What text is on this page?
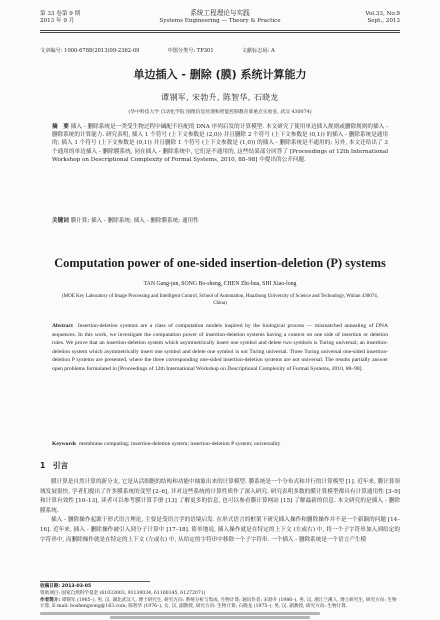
第 33 卷第 9 期	系统工程理论与实践	Vol.33, No.9
2013 年 9 月	Systems Engineering — Theory & Practice	Sept., 2013
文章编号: 1000-6788(2013)09-2362-09	中图分类号: TP301	文献标志码: A
单边插入 - 删除 (膜) 系统计算能力
谭钢军, 宋勃升, 陈智华, 石晓龙
(华中科技大学 自动化学院 图像信息处理和智能控制教育部重点实验室, 武汉 430074)
摘　要 插入 - 删除系统是一类受生物过程中碱配不匹配的 DNA 序列启发的计算模型. 本文研究了使用单边插入规则或删除规则的插入 - 删除系统的计算能力. 研究表明, 插入 1 个符号 (上下文参数是 (2,0)) 并且删除 2 个符号 (上下文参数是 (0,1)) 的插入 - 删除系统是通用的; 插入 1 个符号 (上下文参数是 (0,1)) 并且删除 1 个符号 (上下文参数是 (1,0)) 的插入 - 删除系统是不通用的; 另外, 本文还给出了 3 个通用的单边插入 - 删除膜系统, 同在插入 - 删除系统中, 它们是不通用的, 这些结果部分回答了 [Proceedings of 12th International Workshop on Descriptional Complexity of Formal Systems, 2010, 88–98] 中提出的公开问题.
关键词 膜计算; 插入 - 删除系统; 插入 - 删除膜系统; 通用性
Computation power of one-sided insertion-deletion (P) systems
TAN Gang-jun, SONG Bo-sheng, CHEN Zhi-hua, SHI Xiao-long
(MOE Key Laboratory of Image Processing and Intelligent Control, School of Automation, Huazhong University of Science and Technology, Wuhan 430074, China)
Abstract Insertion-deletion systems are a class of computation models inspired by the biological process — mismatched annealing of DNA sequences. In this work, we investigate the computation power of insertion-deletion systems having a context on one side of insertion or deletion rules. We prove that an insertion-deletion system which asymmetrically insert one symbol and delete two symbols is Turing universal; an insertion-deletion system which asymmetrically insert one symbol and delete one symbol is not Turing universal. Three Turing universal one-sided insertion-deletion P systems are presented, where the three corresponding one-sided insertion-deletion systems are not universal. The results partially answer open problems formulated in [Proceedings of 12th International Workshop on Descriptional Complexity of Formal Systems, 2010, 88–98].
Keywords membrane computing; insertion-deletion system; insertion-deletion P system; universality
1　引言

膜计算是自然计算的新分支, 它是从活细胞的结构和功能中抽象出来的计算模型. 膜系统是一个分布式和并行的计算模型 [1]. 近年来, 膜计算领域发展很快, 学者们提出了许多膜系统的变型 [2–6], 并对这些系统的计算性质作了深入研究. 研究表明多数的膜计算模型都具有计算通用性 [3–9] 和计算有效性 [10–13]. 读者可以参考膜计算手册 [13] 了解更多的信息, 也可以参看膜计算网站 [15] 了解最新的信息. 本文研究的是插入 - 删除膜系统.

插入 - 删除操作起源于形式语言理论, 主要是受语言学的语境启发. 在形式语言的框架下研究插入操作和删除操作并不是一个新颖的问题 [14–16]. 近年来, 插入 - 删除操作被引入到分子计算中 [17–18]. 简单地说, 插入操作就是在特定的上下文 (左或右) 中, 将一个子字符串加入到给定的字符串中, 而删除操作就是在特定的上下文 (左或右) 中, 从给定的字符串中移除一个子字符串. 一个插入 - 删除系统是一个语言产生模

收稿日期: 2013-03-05
资助项目: 国家自然科学基金 (61033003, 91130034, 61100145, 61272071)
作者简介: 谭钢军 (1965–), 男, 汉, 湖北武汉人, 博士研究生, 研究方向: 系统分析与集成, 生物计算; 通讯作者: 宋勃升 (1986–), 男, 汉, 浙江兰溪人, 博士研究生, 研究方向: 生物计算, E-mail: boshengsong@163.com; 陈智华 (1976–), 女, 汉, 副教授, 研究方向: 生物计算; 石晓龙 (1975–), 男, 汉, 副教授, 研究方向: 生物计算.
